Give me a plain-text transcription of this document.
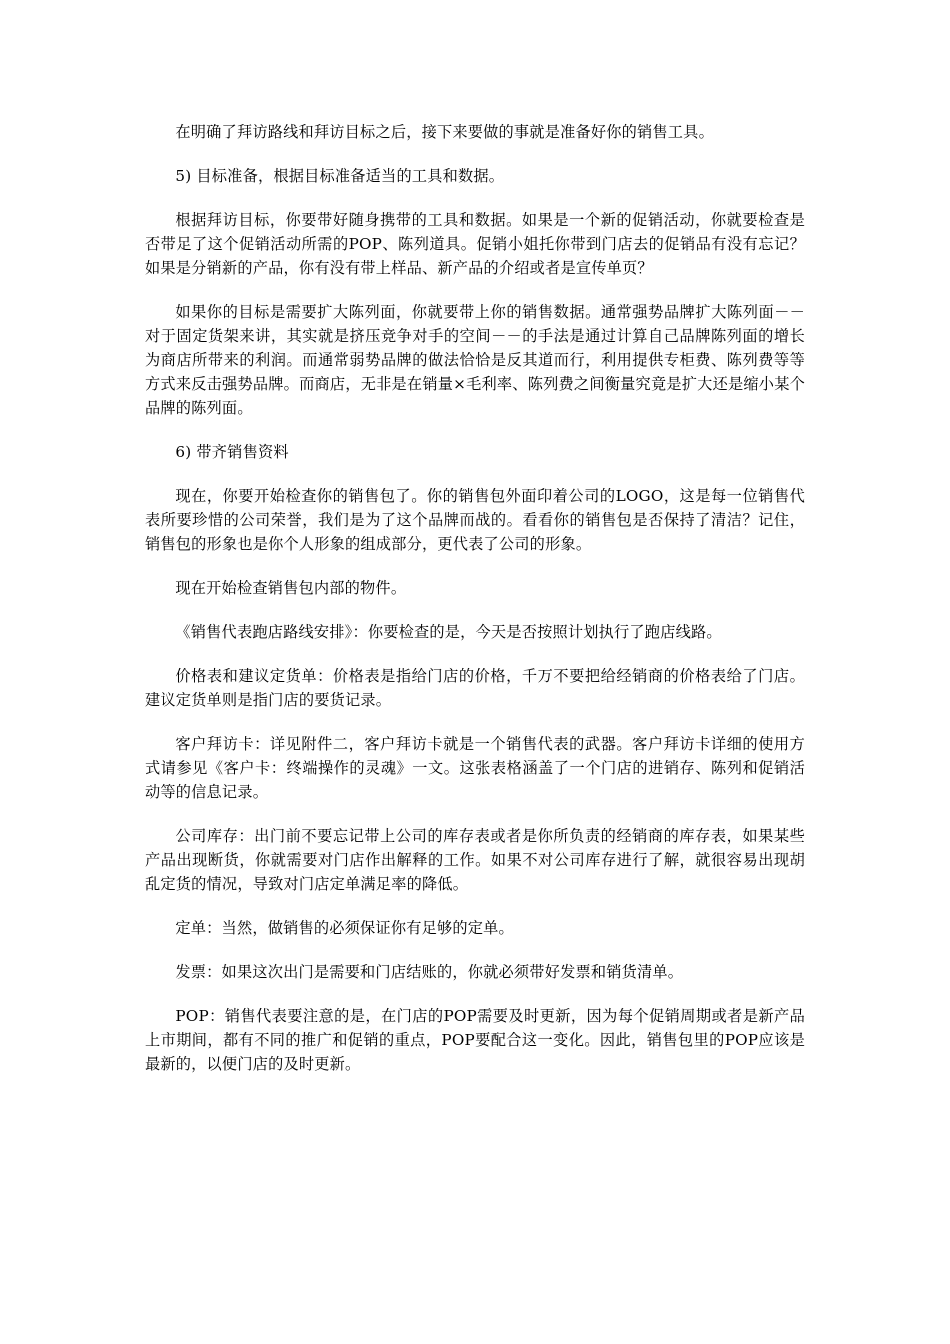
在明确了拜访路线和拜访目标之后，接下来要做的事就是准备好你的销售工具。

5) 目标准备，根据目标准备适当的工具和数据。

根据拜访目标，你要带好随身携带的工具和数据。如果是一个新的促销活动，你就要检查是否带足了这个促销活动所需的POP、陈列道具。促销小姐托你带到门店去的促销品有没有忘记？如果是分销新的产品，你有没有带上样品、新产品的介绍或者是宣传单页？

如果你的目标是需要扩大陈列面，你就要带上你的销售数据。通常强势品牌扩大陈列面－－对于固定货架来讲，其实就是挤压竞争对手的空间－－的手法是通过计算自己品牌陈列面的增长为商店所带来的利润。而通常弱势品牌的做法恰恰是反其道而行，利用提供专柜费、陈列费等等方式来反击强势品牌。而商店，无非是在销量×毛利率、陈列费之间衡量究竟是扩大还是缩小某个品牌的陈列面。

6) 带齐销售资料

现在，你要开始检查你的销售包了。你的销售包外面印着公司的LOGO，这是每一位销售代表所要珍惜的公司荣誉，我们是为了这个品牌而战的。看看你的销售包是否保持了清洁？记住，销售包的形象也是你个人形象的组成部分，更代表了公司的形象。

现在开始检查销售包内部的物件。

《销售代表跑店路线安排》：你要检查的是，今天是否按照计划执行了跑店线路。

价格表和建议定货单：价格表是指给门店的价格，千万不要把给经销商的价格表给了门店。建议定货单则是指门店的要货记录。

客户拜访卡：详见附件二，客户拜访卡就是一个销售代表的武器。客户拜访卡详细的使用方式请参见《客户卡：终端操作的灵魂》一文。这张表格涵盖了一个门店的进销存、陈列和促销活动等的信息记录。

公司库存：出门前不要忘记带上公司的库存表或者是你所负责的经销商的库存表，如果某些产品出现断货，你就需要对门店作出解释的工作。如果不对公司库存进行了解，就很容易出现胡乱定货的情况，导致对门店定单满足率的降低。

定单：当然，做销售的必须保证你有足够的定单。

发票：如果这次出门是需要和门店结账的，你就必须带好发票和销货清单。

POP：销售代表要注意的是，在门店的POP需要及时更新，因为每个促销周期或者是新产品上市期间，都有不同的推广和促销的重点，POP要配合这一变化。因此，销售包里的POP应该是最新的，以便门店的及时更新。
